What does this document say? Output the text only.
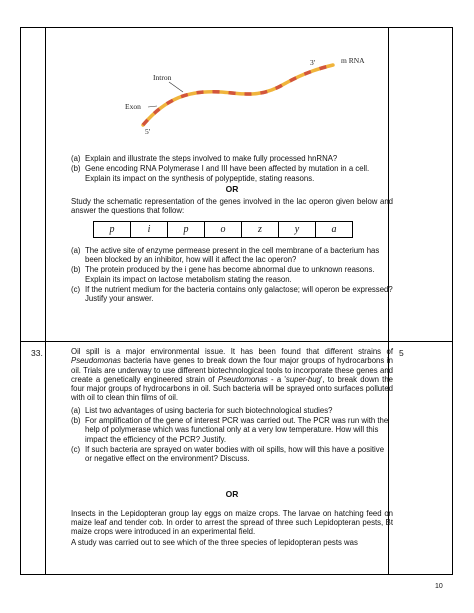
3'	m RNA
Intron
Exon
5'
(a) Explain and illustrate the steps involved to make fully processed hnRNA?
(b) Gene encoding RNA Polymerase I and III have been affected by mutation in a cell. Explain its impact on the synthesis of polypeptide, stating reasons.
OR

Study the schematic representation of the genes involved in the lac operon given below and answer the questions that follow:

p	i	p	o	z	y	a
(a) The active site of enzyme permease present in the cell membrane of a bacterium has been blocked by an inhibitor, how will it affect the lac operon?
(b) The protein produced by the i gene has become abnormal due to unknown reasons. Explain its impact on lactose metabolism stating the reason.
(c) If the nutrient medium for the bacteria contains only galactose; will operon be expressed? Justify your answer.
33.	5

Oil spill is a major environmental issue. It has been found that different strains of Pseudomonas bacteria have genes to break down the four major groups of hydrocarbons in oil. Trials are underway to use different biotechnological tools to incorporate these genes and create a genetically engineered strain of Pseudomonas - a 'super-bug', to break down the four major groups of hydrocarbons in oil. Such bacteria will be sprayed onto surfaces polluted with oil to clean thin films of oil.

(a) List two advantages of using bacteria for such biotechnological studies?
(b) For amplification of the gene of interest PCR was carried out. The PCR was run with the help of polymerase which was functional only at a very low temperature. How will this impact the efficiency of the PCR? Justify.
(c) If such bacteria are sprayed on water bodies with oil spills, how will this have a positive or negative effect on the environment? Discuss.
OR

Insects in the Lepidopteran group lay eggs on maize crops. The larvae on hatching feed on maize leaf and tender cob. In order to arrest the spread of three such Lepidopteran pests, Bt maize crops were introduced in an experimental field.

A study was carried out to see which of the three species of lepidopteran pests was

10
